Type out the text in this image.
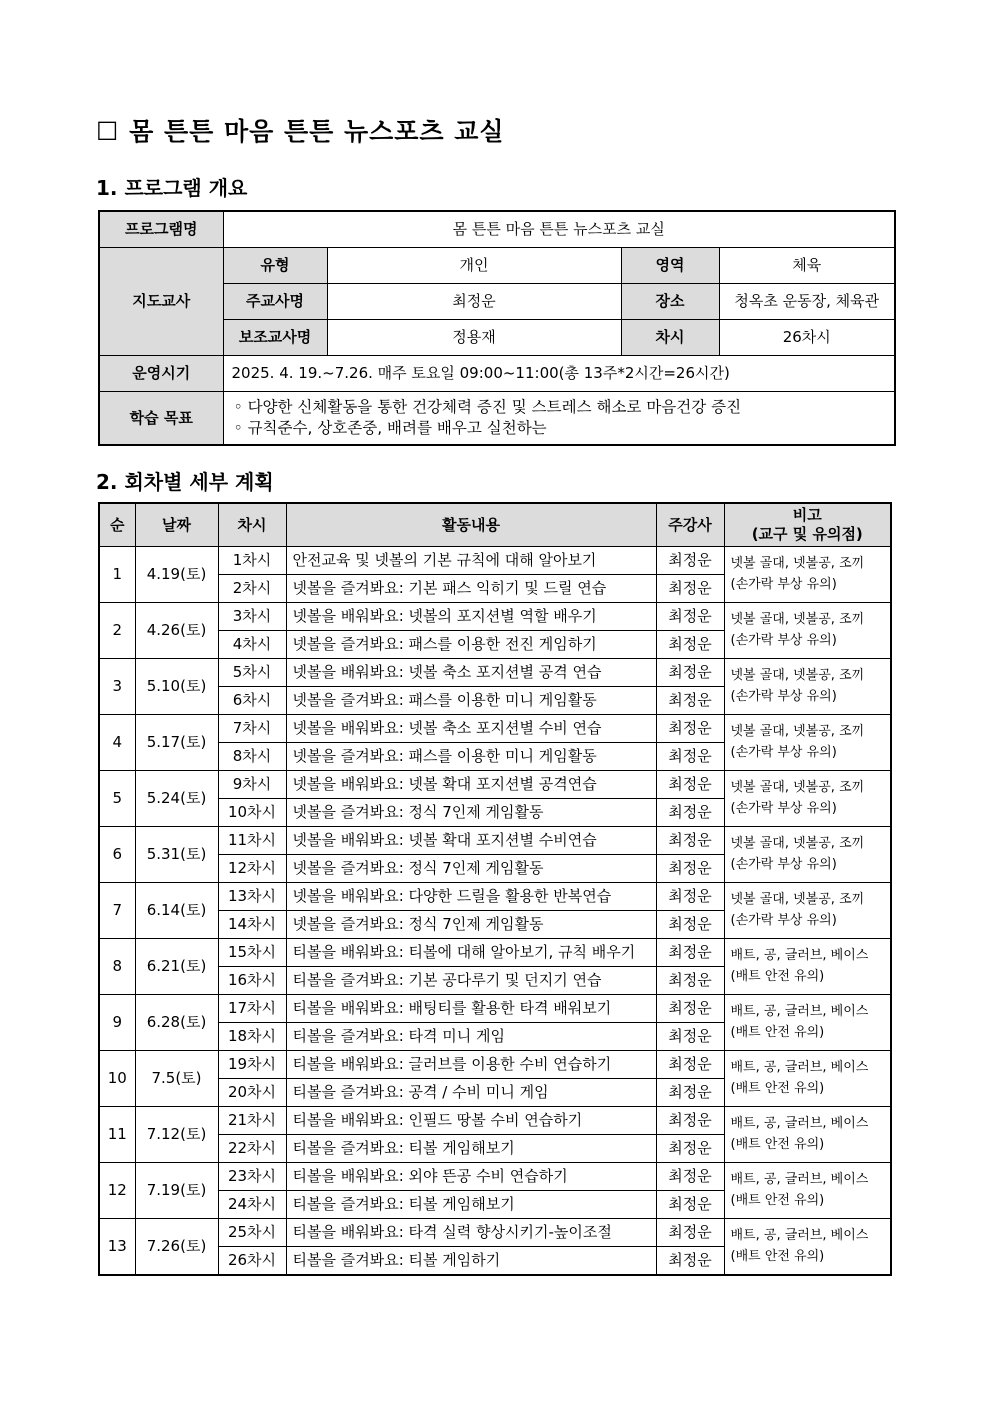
☐ 몸 튼튼 마음 튼튼 뉴스포츠 교실
1. 프로그램 개요
프로그램명	몸 튼튼 마음 튼튼 뉴스포츠 교실			
지도교사	유형	개인	영역	체육
	주교사명	최정운	장소	청옥초 운동장, 체육관
	보조교사명	정용재	차시	26차시
운영시기	2025. 4. 19.~7.26. 매주 토요일 09:00~11:00(총 13주*2시간=26시간)			
학습 목표	◦ 다양한 신체활동을 통한 건강체력 증진 및 스트레스 해소로 마음건강 증진
◦ 규칙준수, 상호존중, 배려를 배우고 실천하는			
2. 회차별 세부 계획
순	날짜	차시	활동내용	주강사	비고
(교구 및 유의점)

1	4.19(토)	1차시	안전교육 및 넷볼의 기본 규칙에 대해 알아보기	최정운	넷볼 골대, 넷볼공, 조끼
(손가락 부상 유의)

		2차시	넷볼을 즐겨봐요: 기본 패스 익히기 및 드릴 연습	최정운	
2	4.26(토)	3차시	넷볼을 배워봐요: 넷볼의 포지션별 역할 배우기	최정운	넷볼 골대, 넷볼공, 조끼
(손가락 부상 유의)

		4차시	넷볼을 즐겨봐요: 패스를 이용한 전진 게임하기	최정운	
3	5.10(토)	5차시	넷볼을 배워봐요: 넷볼 축소 포지션별 공격 연습	최정운	넷볼 골대, 넷볼공, 조끼
(손가락 부상 유의)

		6차시	넷볼을 즐겨봐요: 패스를 이용한 미니 게임활동	최정운	
4	5.17(토)	7차시	넷볼을 배워봐요: 넷볼 축소 포지션별 수비 연습	최정운	넷볼 골대, 넷볼공, 조끼
(손가락 부상 유의)

		8차시	넷볼을 즐겨봐요: 패스를 이용한 미니 게임활동	최정운	
5	5.24(토)	9차시	넷볼을 배워봐요: 넷볼 확대 포지션별 공격연습	최정운	넷볼 골대, 넷볼공, 조끼
(손가락 부상 유의)

		10차시	넷볼을 즐겨봐요: 정식 7인제 게임활동	최정운	
6	5.31(토)	11차시	넷볼을 배워봐요: 넷볼 확대 포지션별 수비연습	최정운	넷볼 골대, 넷볼공, 조끼
(손가락 부상 유의)

		12차시	넷볼을 즐겨봐요: 정식 7인제 게임활동	최정운	
7	6.14(토)	13차시	넷볼을 배워봐요: 다양한 드릴을 활용한 반복연습	최정운	넷볼 골대, 넷볼공, 조끼
(손가락 부상 유의)

		14차시	넷볼을 즐겨봐요: 정식 7인제 게임활동	최정운	
8	6.21(토)	15차시	티볼을 배워봐요: 티볼에 대해 알아보기, 규칙 배우기	최정운	배트, 공, 글러브, 베이스
(배트 안전 유의)

		16차시	티볼을 즐겨봐요: 기본 공다루기 및 던지기 연습	최정운	
9	6.28(토)	17차시	티볼을 배워봐요: 배팅티를 활용한 타격 배워보기	최정운	배트, 공, 글러브, 베이스
(배트 안전 유의)

		18차시	티볼을 즐겨봐요: 타격 미니 게임	최정운	
10	7.5(토)	19차시	티볼을 배워봐요: 글러브를 이용한 수비 연습하기	최정운	배트, 공, 글러브, 베이스
(배트 안전 유의)

		20차시	티볼을 즐겨봐요: 공격 / 수비 미니 게임	최정운	
11	7.12(토)	21차시	티볼을 배워봐요: 인필드 땅볼 수비 연습하기	최정운	배트, 공, 글러브, 베이스
(배트 안전 유의)

		22차시	티볼을 즐겨봐요: 티볼 게임해보기	최정운	
12	7.19(토)	23차시	티볼을 배워봐요: 외야 뜬공 수비 연습하기	최정운	배트, 공, 글러브, 베이스
(배트 안전 유의)

		24차시	티볼을 즐겨봐요: 티볼 게임해보기	최정운	
13	7.26(토)	25차시	티볼을 배워봐요: 타격 실력 향상시키기-높이조절	최정운	배트, 공, 글러브, 베이스
(배트 안전 유의)

		26차시	티볼을 즐겨봐요: 티볼 게임하기	최정운	
